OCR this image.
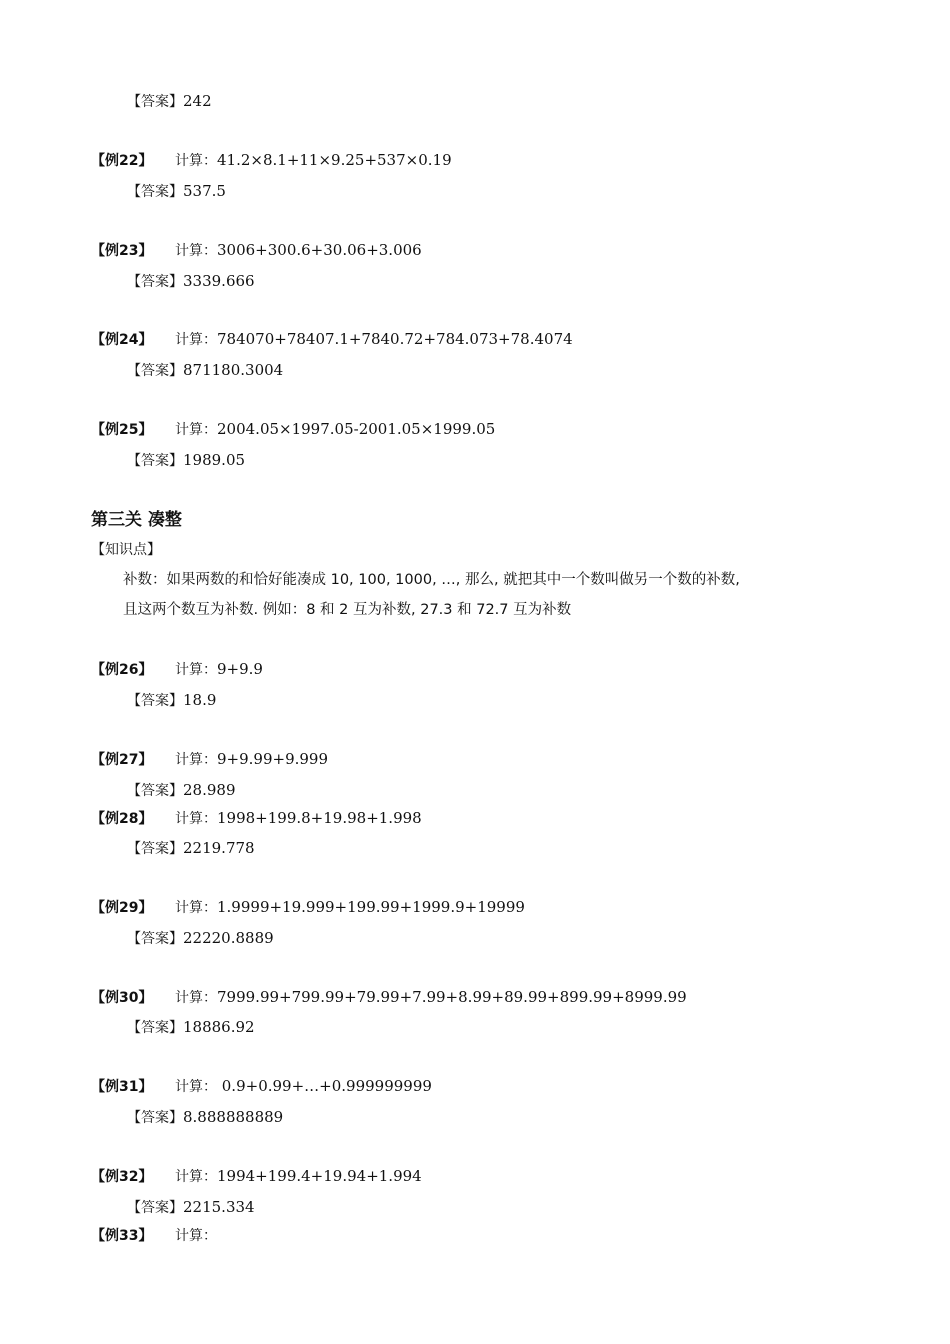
【答案】242
【例22】 计算：41.2×8.1+11×9.25+537×0.19
【答案】537.5
【例23】 计算：3006+300.6+30.06+3.006
【答案】3339.666
【例24】 计算：784070+78407.1+7840.72+784.073+78.4074
【答案】871180.3004
【例25】 计算：2004.05×1997.05-2001.05×1999.05
【答案】1989.05
第三关 凑整
【知识点】
补数：如果两数的和恰好能凑成 10, 100, 1000, …, 那么, 就把其中一个数叫做另一个数的补数,
且这两个数互为补数. 例如：8 和 2 互为补数, 27.3 和 72.7 互为补数
【例26】 计算：9+9.9
【答案】18.9
【例27】 计算：9+9.99+9.999
【答案】28.989
【例28】 计算：1998+199.8+19.98+1.998
【答案】2219.778
【例29】 计算：1.9999+19.999+199.99+1999.9+19999
【答案】22220.8889
【例30】 计算：7999.99+799.99+79.99+7.99+8.99+89.99+899.99+8999.99
【答案】18886.92
【例31】 计算： 0.9+0.99+…+0.999999999
【答案】8.888888889
【例32】 计算：1994+199.4+19.94+1.994
【答案】2215.334
【例33】 计算：
